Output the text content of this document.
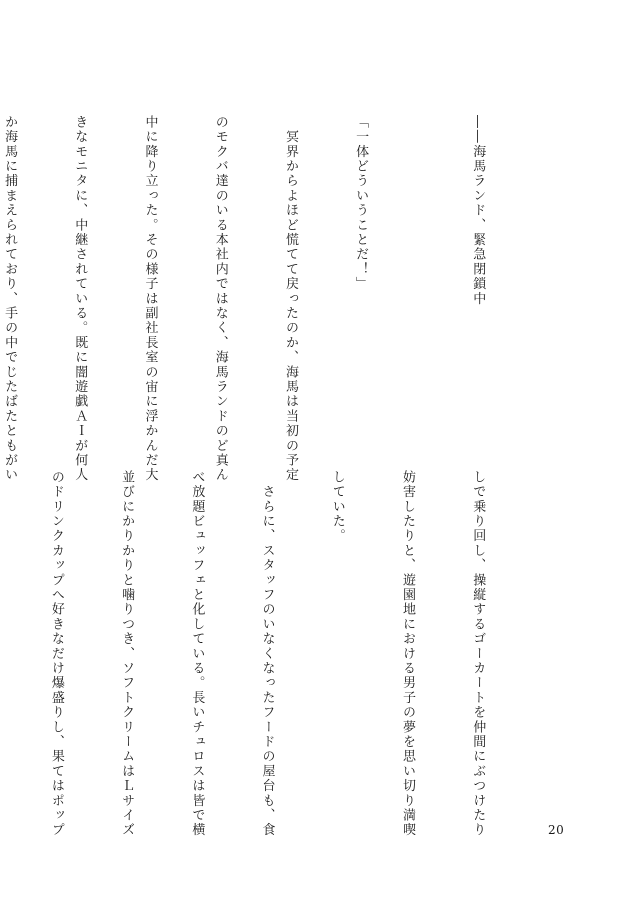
――海馬ランド、緊急閉鎖中

「一体どういうことだ！」

　冥界からよほど慌てて戻ったのか、海馬は当初の予定

のモクバ達のいる本社内ではなく、海馬ランドのど真ん

中に降り立った。その様子は副社長室の宙に浮かんだ大

きなモニタに、中継されている。既に闇遊戯ＡＩが何人

か海馬に捕まえられており、手の中でじたばたともがい

しで乗り回し、操縦するゴーカートを仲間にぶつけたり

妨害したりと、遊園地における男子の夢を思い切り満喫

していた。

　さらに、スタッフのいなくなったフードの屋台も、食

べ放題ビュッフェと化している。長いチュロスは皆で横

並びにかりかりと噛りつき、ソフトクリームはＬサイズ

のドリンクカップへ好きなだけ爆盛りし、果てはポップ

	20
